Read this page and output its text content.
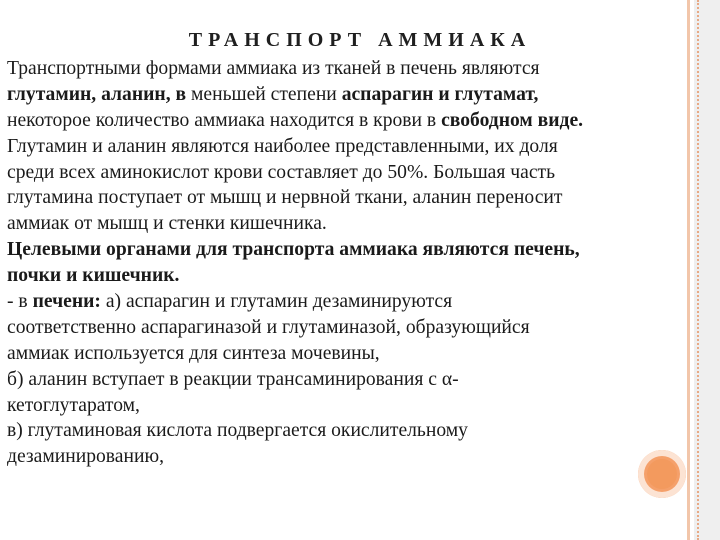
ТРАНСПОРТ АММИАКА
Транспортными формами аммиака из тканей в печень являются
глутамин, аланин, в меньшей степени аспарагин и глутамат,
некоторое количество аммиака находится в крови в свободном виде.
Глутамин и аланин являются наиболее представленными, их доля
среди всех аминокислот крови составляет до 50%. Большая часть
глутамина поступает от мышц и нервной ткани, аланин переносит
аммиак от мышц и стенки кишечника.
Целевыми органами для транспорта аммиака являются печень,
почки и кишечник.
- в печени: а) аспарагин и глутамин дезаминируются
соответственно аспарагиназой и глутаминазой, образующийся
аммиак используется для синтеза мочевины,
б) аланин вступает в реакции трансаминирования с α-
кетоглутаратом,
в) глутаминовая кислота подвергается окислительному
дезаминированию,
